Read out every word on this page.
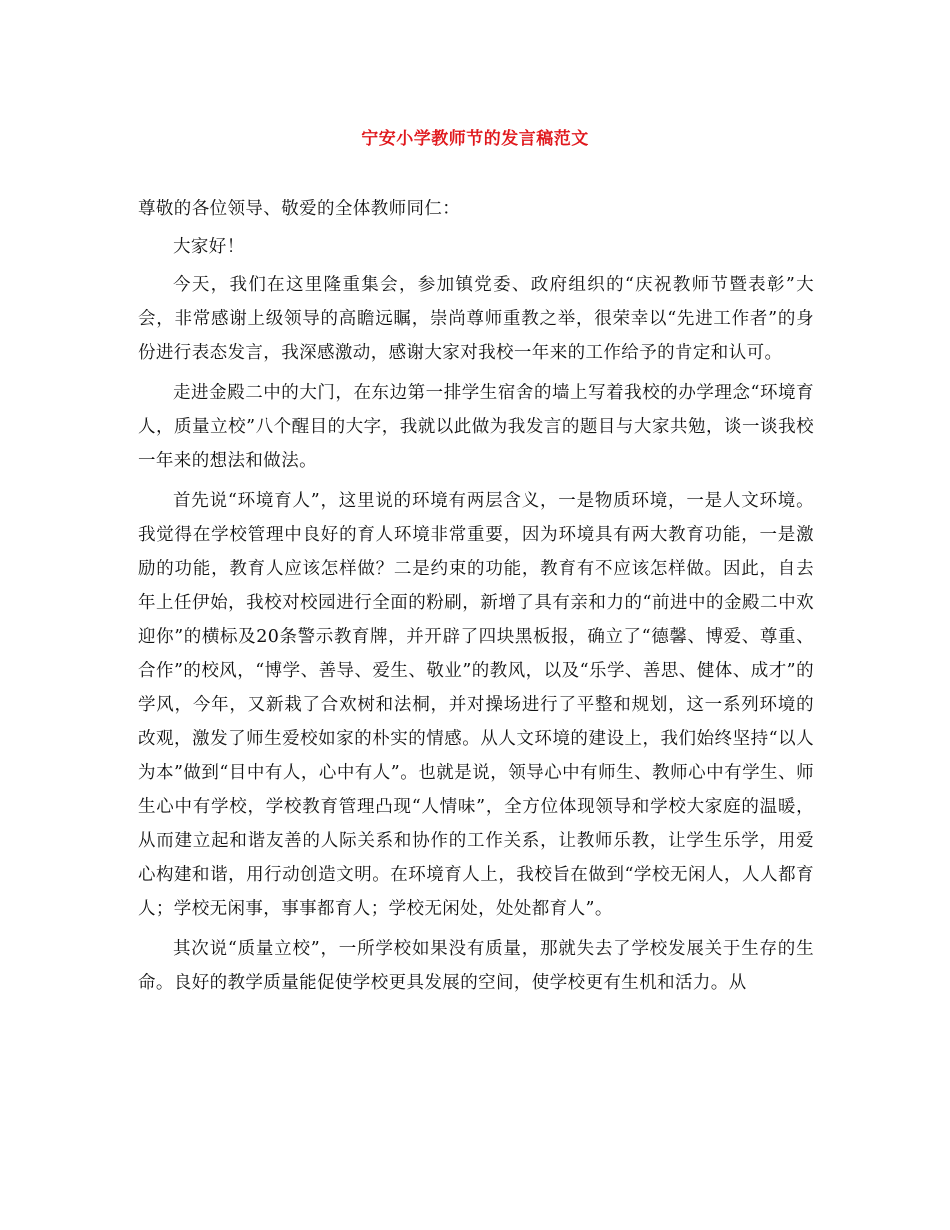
宁安小学教师节的发言稿范文

尊敬的各位领导、敬爱的全体教师同仁：

大家好！

今天，我们在这里隆重集会，参加镇党委、政府组织的“庆祝教师节暨表彰”大会，非常感谢上级领导的高瞻远瞩，崇尚尊师重教之举，很荣幸以“先进工作者”的身份进行表态发言，我深感激动，感谢大家对我校一年来的工作给予的肯定和认可。

走进金殿二中的大门，在东边第一排学生宿舍的墙上写着我校的办学理念“环境育人，质量立校”八个醒目的大字，我就以此做为我发言的题目与大家共勉，谈一谈我校一年来的想法和做法。

首先说“环境育人”，这里说的环境有两层含义，一是物质环境，一是人文环境。我觉得在学校管理中良好的育人环境非常重要，因为环境具有两大教育功能，一是激励的功能，教育人应该怎样做？二是约束的功能，教育有不应该怎样做。因此，自去年上任伊始，我校对校园进行全面的粉刷，新增了具有亲和力的“前进中的金殿二中欢迎你”的横标及20条警示教育牌，并开辟了四块黑板报，确立了“德馨、博爱、尊重、合作”的校风，“博学、善导、爱生、敬业”的教风，以及“乐学、善思、健体、成才”的学风，今年，又新栽了合欢树和法桐，并对操场进行了平整和规划，这一系列环境的改观，激发了师生爱校如家的朴实的情感。从人文环境的建设上，我们始终坚持“以人为本”做到“目中有人，心中有人”。也就是说，领导心中有师生、教师心中有学生、师生心中有学校，学校教育管理凸现“人情味”，全方位体现领导和学校大家庭的温暖，从而建立起和谐友善的人际关系和协作的工作关系，让教师乐教，让学生乐学，用爱心构建和谐，用行动创造文明。在环境育人上，我校旨在做到“学校无闲人，人人都育人；学校无闲事，事事都育人；学校无闲处，处处都育人”。

其次说“质量立校”，一所学校如果没有质量，那就失去了学校发展关于生存的生命。良好的教学质量能促使学校更具发展的空间，使学校更有生机和活力。从
